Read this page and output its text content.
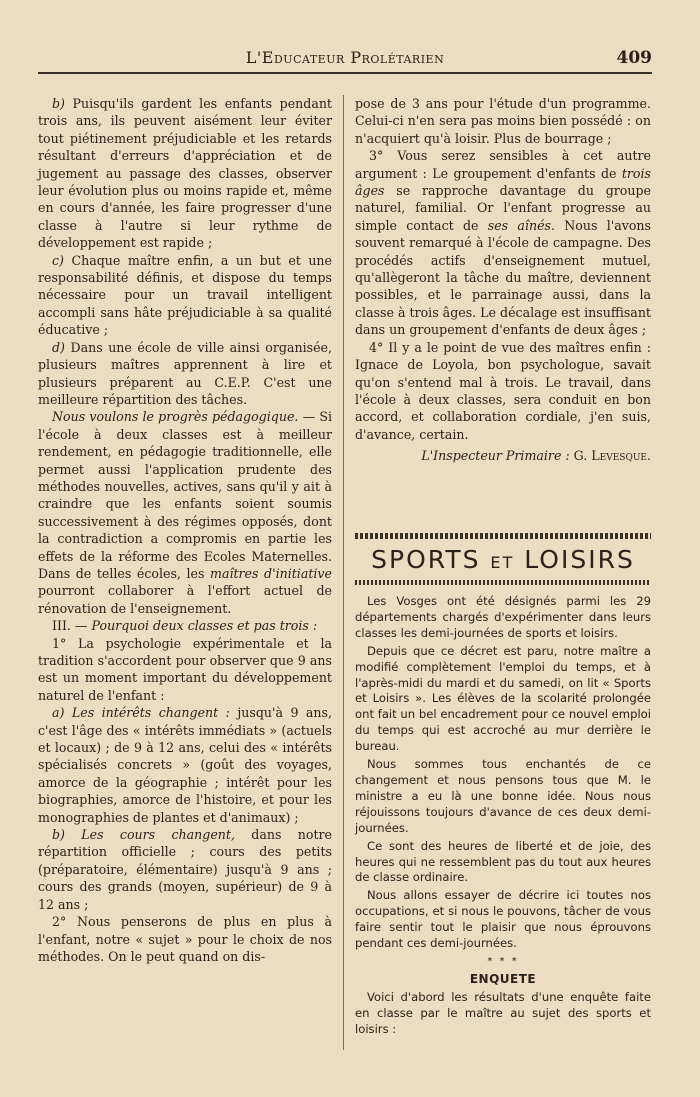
L'Educateur Prolétarien	409

b) Puisqu'ils gardent les enfants pendant trois ans, ils peuvent aisément leur éviter tout piétinement préjudiciable et les retards résultant d'erreurs d'appréciation et de jugement au passage des classes, observer leur évolution plus ou moins rapide et, même en cours d'année, les faire progresser d'une classe à l'autre si leur rythme de développement est rapide ;

c) Chaque maître enfin, a un but et une responsabilité définis, et dispose du temps nécessaire pour un travail intelligent accompli sans hâte préjudiciable à sa qualité éducative ;

d) Dans une école de ville ainsi organisée, plusieurs maîtres apprennent à lire et plusieurs préparent au C.E.P. C'est une meilleure répartition des tâches.

Nous voulons le progrès pédagogique. — Si l'école à deux classes est à meilleur rendement, en pédagogie traditionnelle, elle permet aussi l'application prudente des méthodes nouvelles, actives, sans qu'il y ait à craindre que les enfants soient soumis successivement à des régimes opposés, dont la contradiction a compromis en partie les effets de la réforme des Ecoles Maternelles. Dans de telles écoles, les maîtres d'initiative pourront collaborer à l'effort actuel de rénovation de l'enseignement.

III. — Pourquoi deux classes et pas trois :

1° La psychologie expérimentale et la tradition s'accordent pour observer que 9 ans est un moment important du développement naturel de l'enfant :

a) Les intérêts changent : jusqu'à 9 ans, c'est l'âge des « intérêts immédiats » (actuels et locaux) ; de 9 à 12 ans, celui des « intérêts spécialisés concrets » (goût des voyages, amorce de la géographie ; intérêt pour les biographies, amorce de l'histoire, et pour les monographies de plantes et d'animaux) ;

b) Les cours changent, dans notre répartition officielle ; cours des petits (préparatoire, élémentaire) jusqu'à 9 ans ; cours des grands (moyen, supérieur) de 9 à 12 ans ;

2° Nous penserons de plus en plus à l'enfant, notre « sujet » pour le choix de nos méthodes. On le peut quand on dis-

pose de 3 ans pour l'étude d'un programme. Celui-ci n'en sera pas moins bien possédé : on n'acquiert qu'à loisir. Plus de bourrage ;

3° Vous serez sensibles à cet autre argument : Le groupement d'enfants de trois âges se rapproche davantage du groupe naturel, familial. Or l'enfant progresse au simple contact de ses aînés. Nous l'avons souvent remarqué à l'école de campagne. Des procédés actifs d'enseignement mutuel, qu'allègeront la tâche du maître, deviennent possibles, et le parrainage aussi, dans la classe à trois âges. Le décalage est insuffisant dans un groupement d'enfants de deux âges ;

4° Il y a le point de vue des maîtres enfin : Ignace de Loyola, bon psychologue, savait qu'on s'entend mal à trois. Le travail, dans l'école à deux classes, sera conduit en bon accord, et collaboration cordiale, j'en suis, d'avance, certain.

L'Inspecteur Primaire : G. Levesque.

SPORTS ET LOISIRS

Les Vosges ont été désignés parmi les 29 départements chargés d'expérimenter dans leurs classes les demi-journées de sports et loisirs.

Depuis que ce décret est paru, notre maître a modifié complètement l'emploi du temps, et à l'après-midi du mardi et du samedi, on lit « Sports et Loisirs ». Les élèves de la scolarité prolongée ont fait un bel encadrement pour ce nouvel emploi du temps qui est accroché au mur derrière le bureau.

Nous sommes tous enchantés de ce changement et nous pensons tous que M. le ministre a eu là une bonne idée. Nous nous réjouissons toujours d'avance de ces deux demi-journées.

Ce sont des heures de liberté et de joie, des heures qui ne ressemblent pas du tout aux heures de classe ordinaire.

Nous allons essayer de décrire ici toutes nos occupations, et si nous le pouvons, tâcher de vous faire sentir tout le plaisir que nous éprouvons pendant ces demi-journées.

* * *
ENQUETE

Voici d'abord les résultats d'une enquête faite en classe par le maître au sujet des sports et loisirs :
